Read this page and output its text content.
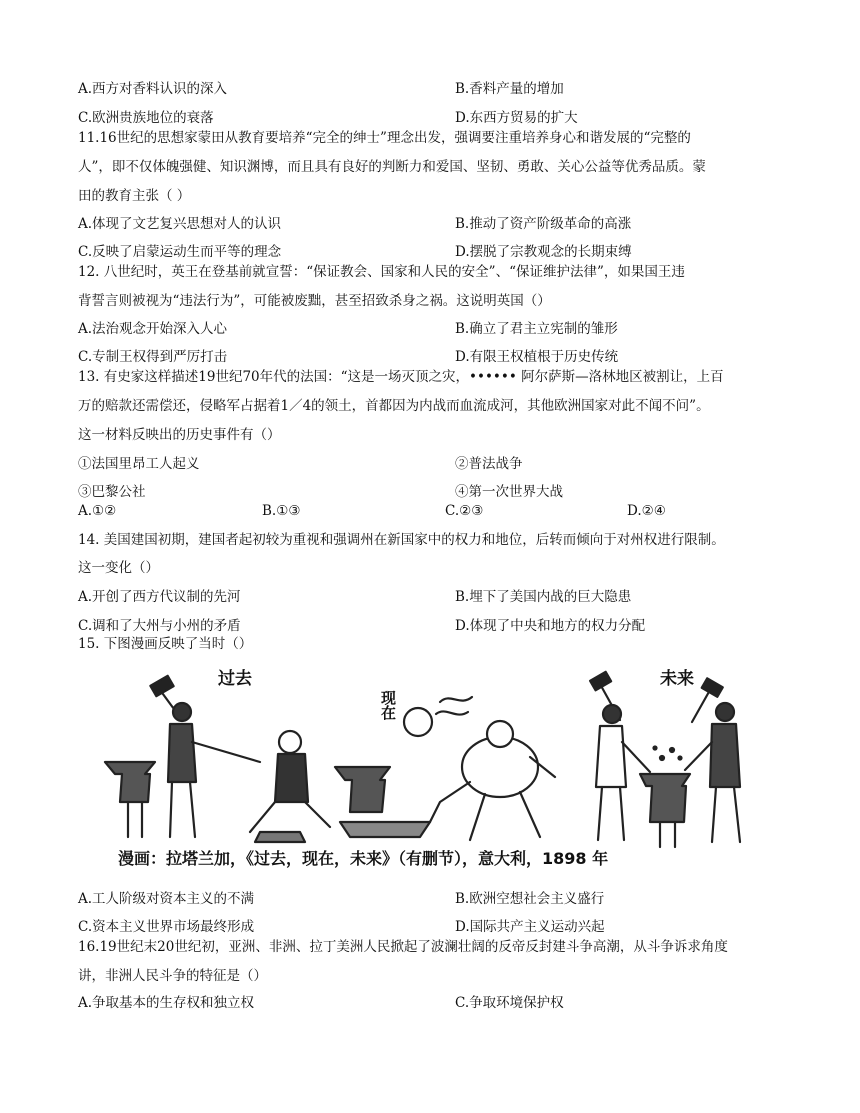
A.西方对香料认识的深入	B.香料产量的增加
C.欧洲贵族地位的衰落	D.东西方贸易的扩大
11.16世纪的思想家蒙田从教育要培养“完全的绅士”理念出发，强调要注重培养身心和谐发展的“完整的
人”，即不仅体魄强健、知识渊博，而且具有良好的判断力和爱国、坚韧、勇敢、关心公益等优秀品质。蒙
田的教育主张（ ）
A.体现了文艺复兴思想对人的认识	B.推动了资产阶级革命的高涨
C.反映了启蒙运动生而平等的理念	D.摆脱了宗教观念的长期束缚
12. 八世纪时，英王在登基前就宣誓：“保证教会、国家和人民的安全”、“保证维护法律”，如果国王违
背誓言则被视为“违法行为”，可能被废黜，甚至招致杀身之祸。这说明英国（）
A.法治观念开始深入人心	B.确立了君主立宪制的雏形
C.专制王权得到严厉打击	D.有限王权植根于历史传统
13. 有史家这样描述19世纪70年代的法国：“这是一场灭顶之灾，•••••• 阿尔萨斯—洛林地区被割让，上百
万的赔款还需偿还，侵略军占据着1／4的领土，首都因为内战而血流成河，其他欧洲国家对此不闻不问”。
这一材料反映出的历史事件有（）
①法国里昂工人起义	②普法战争
③巴黎公社	④第一次世界大战
A.①②	B.①③	C.②③	D.②④
14. 美国建国初期，建国者起初较为重视和强调州在新国家中的权力和地位，后转而倾向于对州权进行限制。
这一变化（）
A.开创了西方代议制的先河	B.埋下了美国内战的巨大隐患
C.调和了大州与小州的矛盾	D.体现了中央和地方的权力分配
15. 下图漫画反映了当时（）
过去
现在
未来
漫画：拉塔兰加，《过去，现在，未来》（有删节），意大利，1898 年
A.工人阶级对资本主义的不满	B.欧洲空想社会主义盛行
C.资本主义世界市场最终形成	D.国际共产主义运动兴起
16.19世纪末20世纪初，亚洲、非洲、拉丁美洲人民掀起了波澜壮阔的反帝反封建斗争高潮，从斗争诉求角度
讲，非洲人民斗争的特征是（）
A.争取基本的生存权和独立权	C.争取环境保护权
